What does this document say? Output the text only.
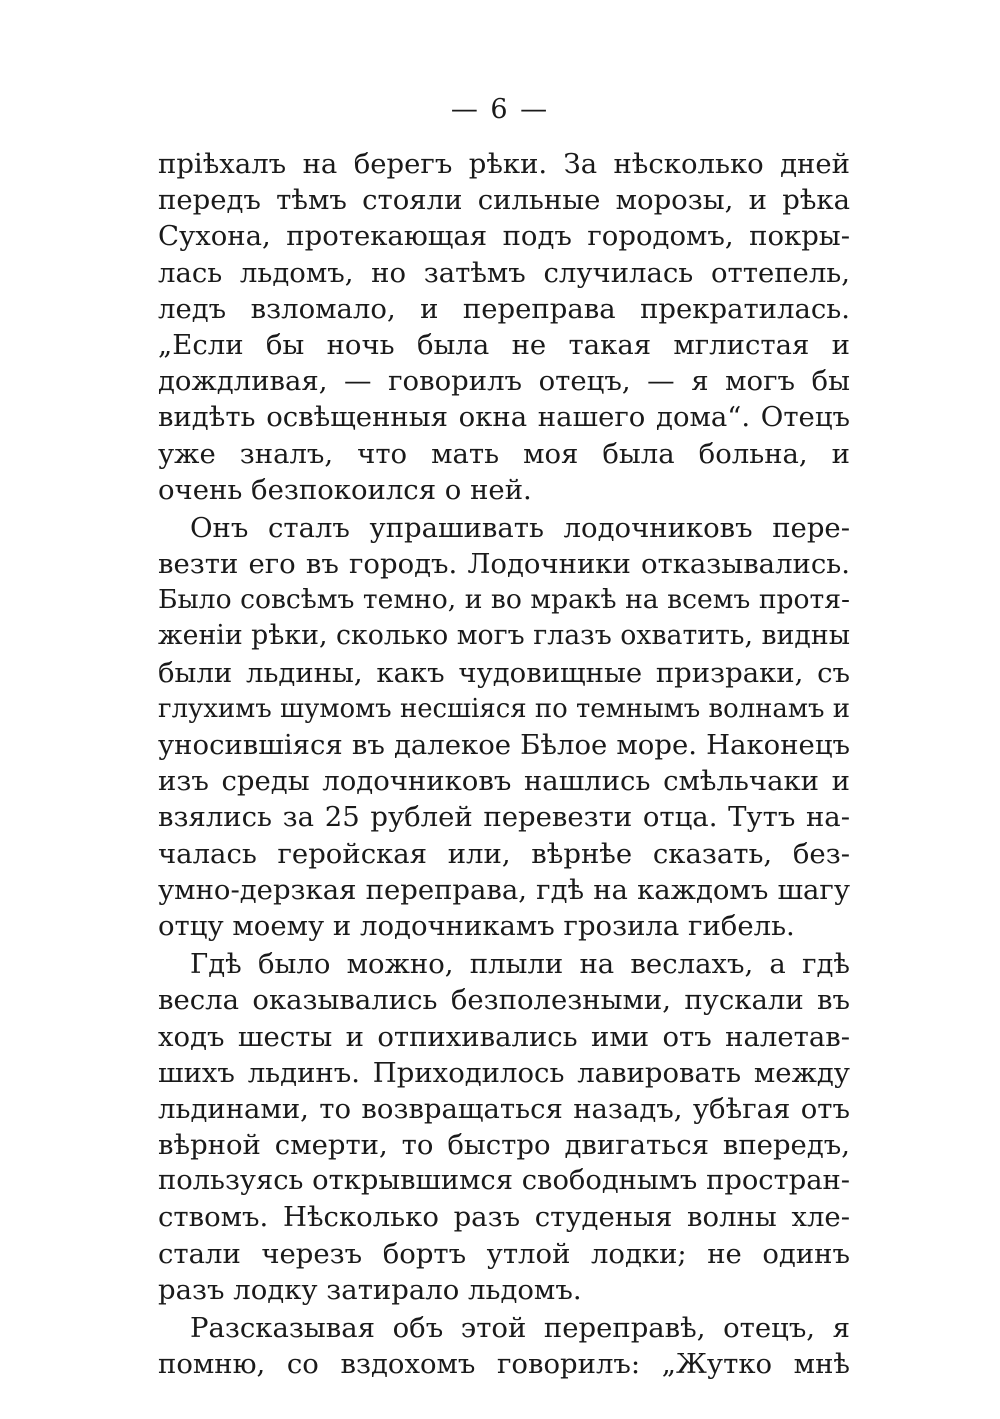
— 6 —
пріѣхалъ на берегъ рѣки. За нѣсколько дней
передъ тѣмъ стояли сильные морозы, и рѣка
Сухона, протекающая подъ городомъ, покры-
лась льдомъ, но затѣмъ случилась оттепель,
ледъ взломало, и переправа прекратилась.
„Если бы ночь была не такая мглистая и
дождливая, — говорилъ отецъ, — я могъ бы
видѣть освѣщенныя окна нашего дома“. Отецъ
уже зналъ, что мать моя была больна, и
очень безпокоился о ней.
Онъ сталъ упрашивать лодочниковъ пере-
везти его въ городъ. Лодочники отказывались.
Было совсѣмъ темно, и во мракѣ на всемъ протя-
женіи рѣки, сколько могъ глазъ охватить, видны
были льдины, какъ чудовищные призраки, съ
глухимъ шумомъ несшіяся по темнымъ волнамъ и
уносившіяся въ далекое Бѣлое море. Наконецъ
изъ среды лодочниковъ нашлись смѣльчаки и
взялись за 25 рублей перевезти отца. Тутъ на-
чалась геройская или, вѣрнѣе сказать, без-
умно-дерзкая переправа, гдѣ на каждомъ шагу
отцу моему и лодочникамъ грозила гибель.
Гдѣ было можно, плыли на веслахъ, а гдѣ
весла оказывались безполезными, пускали въ
ходъ шесты и отпихивались ими отъ налетав-
шихъ льдинъ. Приходилось лавировать между
льдинами, то возвращаться назадъ, убѣгая отъ
вѣрной смерти, то быстро двигаться впередъ,
пользуясь открывшимся свободнымъ простран-
ствомъ. Нѣсколько разъ студеныя волны хле-
стали черезъ бортъ утлой лодки; не одинъ
разъ лодку затирало льдомъ.
Разсказывая объ этой переправѣ, отецъ, я
помню, со вздохомъ говорилъ: „Жутко мнѣ
